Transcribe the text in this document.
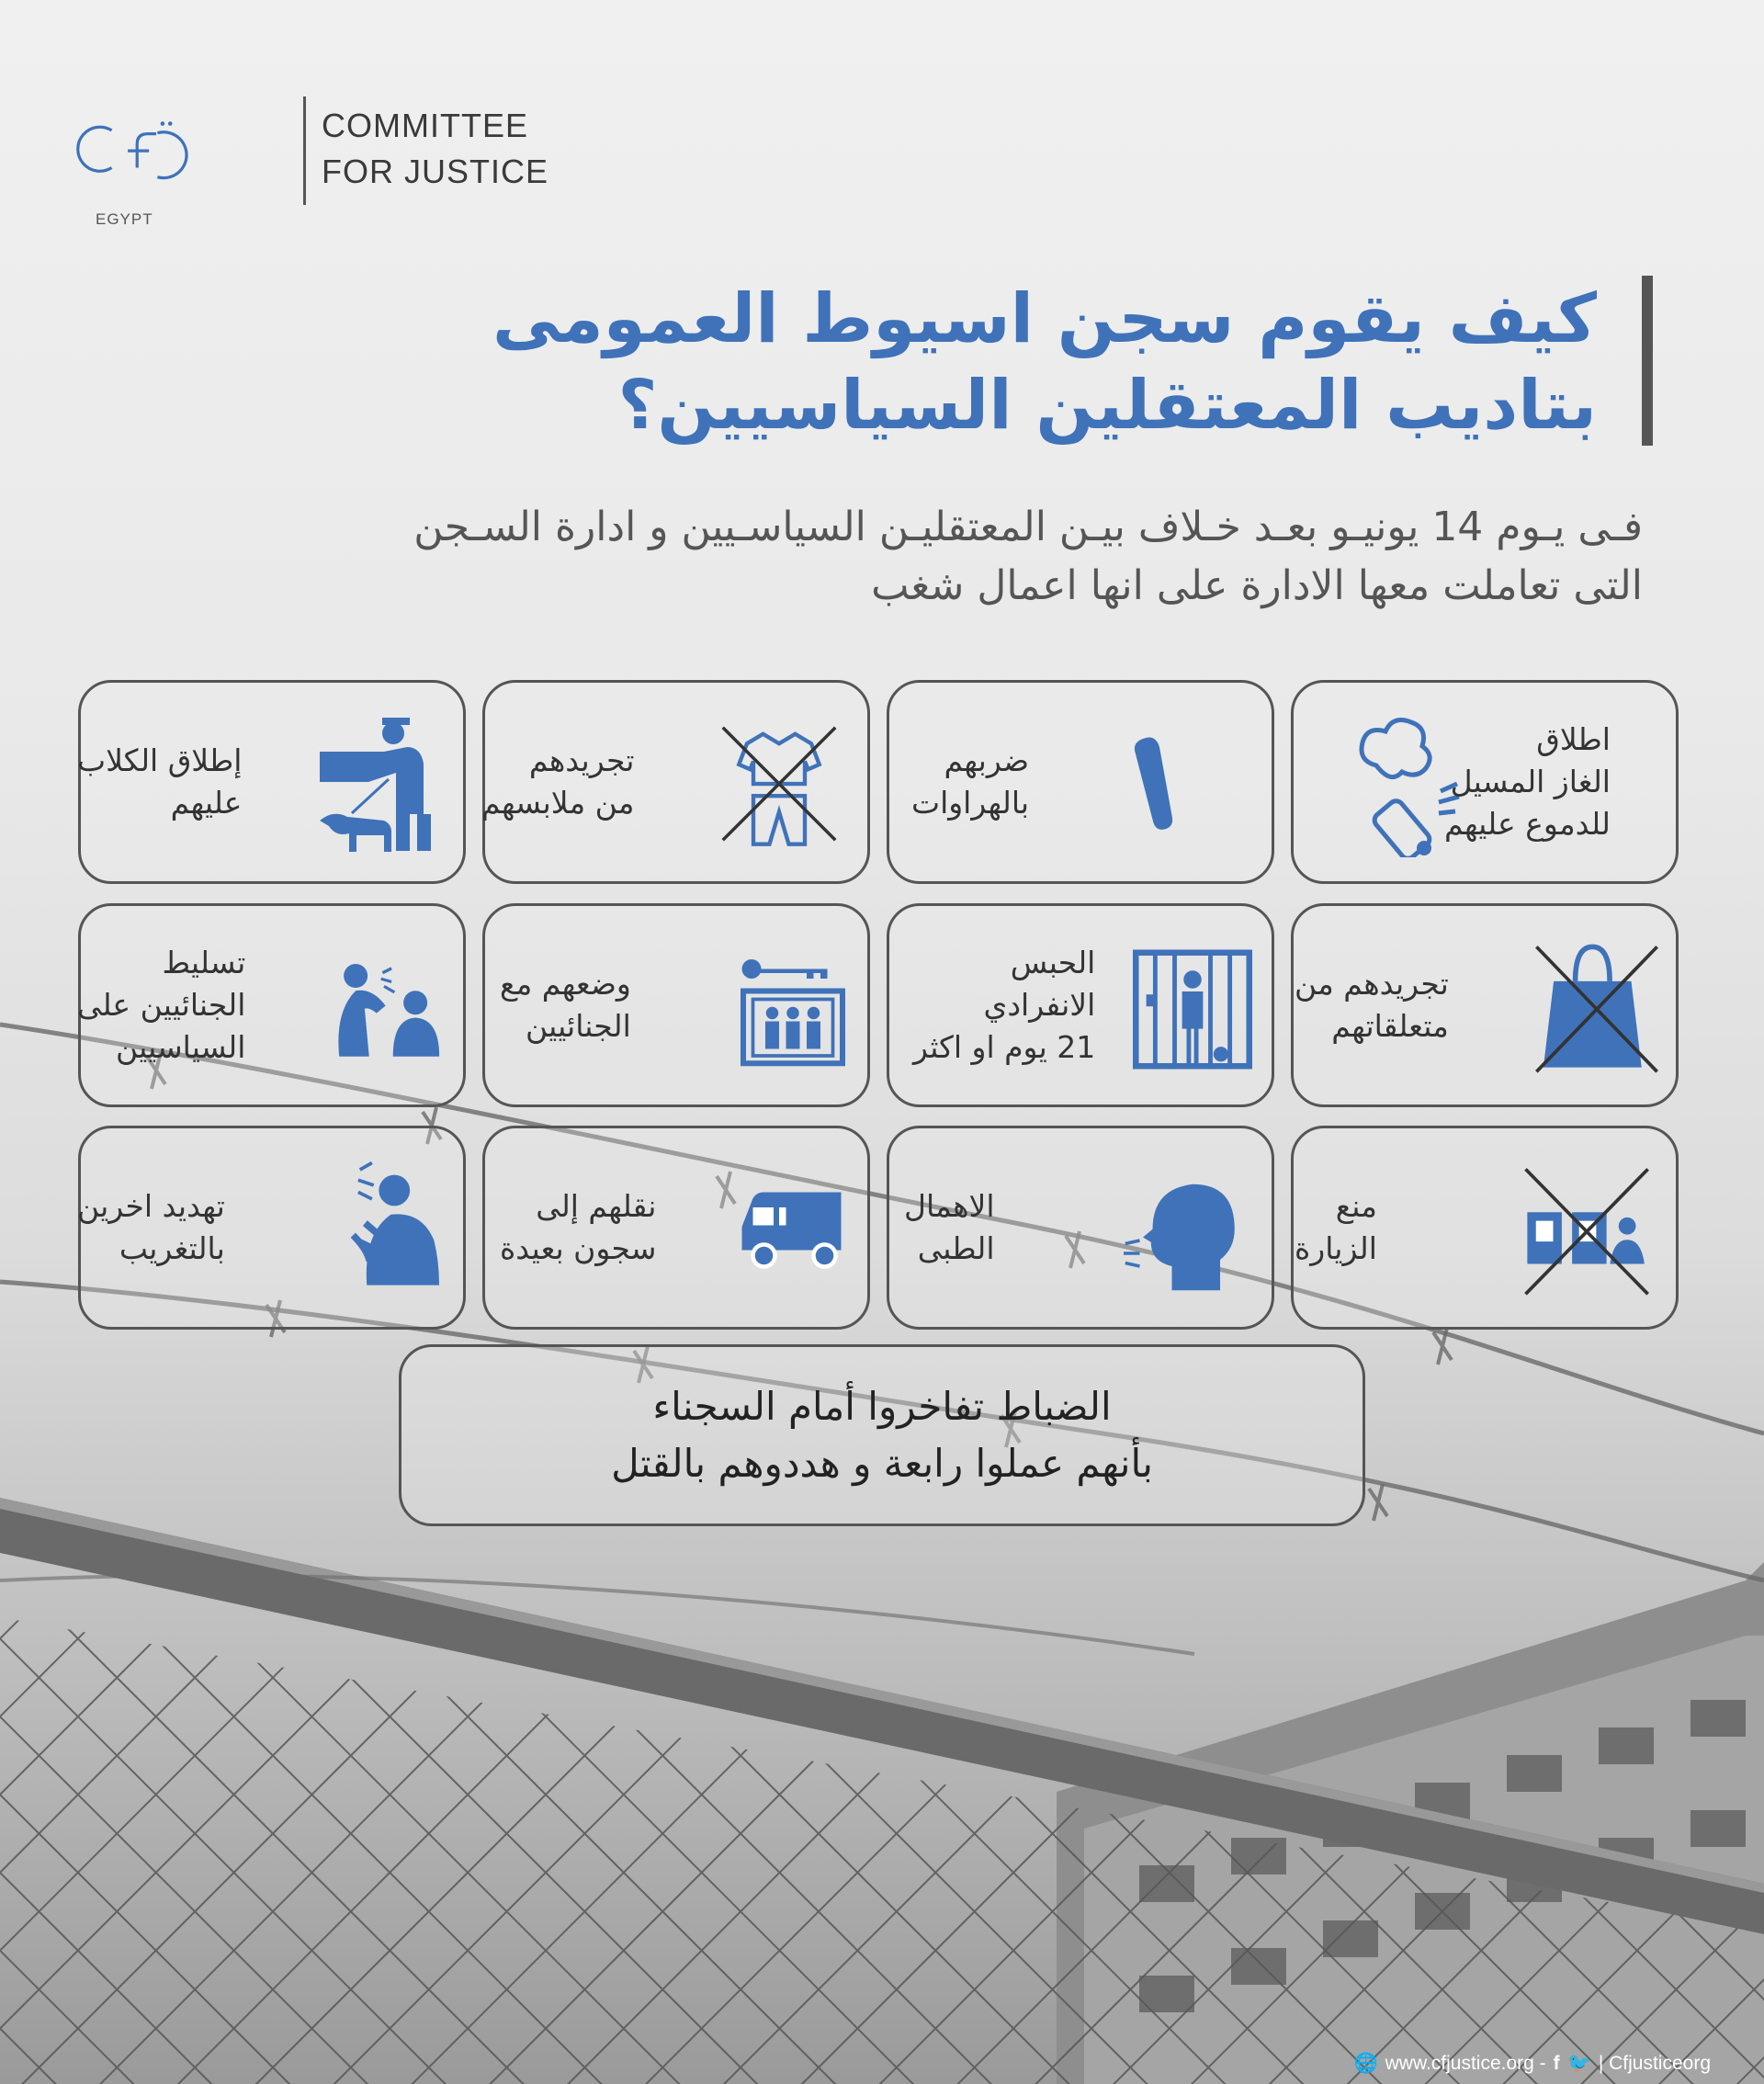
EGYPT
COMMITTEE
FOR JUSTICE
كيف يقوم سجن اسيوط العمومى
بتاديب المعتقلين السياسيين؟
فـى يـوم 14 يونيـو بعـد خـلاف بيـن المعتقليـن السياسـيين و ادارة السـجن
التى تعاملت معها الادارة على انها اعمال شغب
اطلاق
الغاز المسيل
للدموع عليهم
ضربهم
بالهراوات
تجريدهم
من ملابسهم
إطلاق الكلاب
عليهم
تجريدهم من
متعلقاتهم
الحبس
الانفرادي
21 يوم او اكثر
وضعهم مع
الجنائيين
تسليط
الجنائيين على
السياسيين
منع
الزيارة
الاهمال
الطبى
نقلهم إلى
سجون بعيدة
تهديد اخرين
بالتغريب
الضباط تفاخروا أمام السجناء
بأنهم عملوا رابعة و هددوهم بالقتل
🌐 www.cfjustice.org - f 🐦 | Cfjusticeorg
